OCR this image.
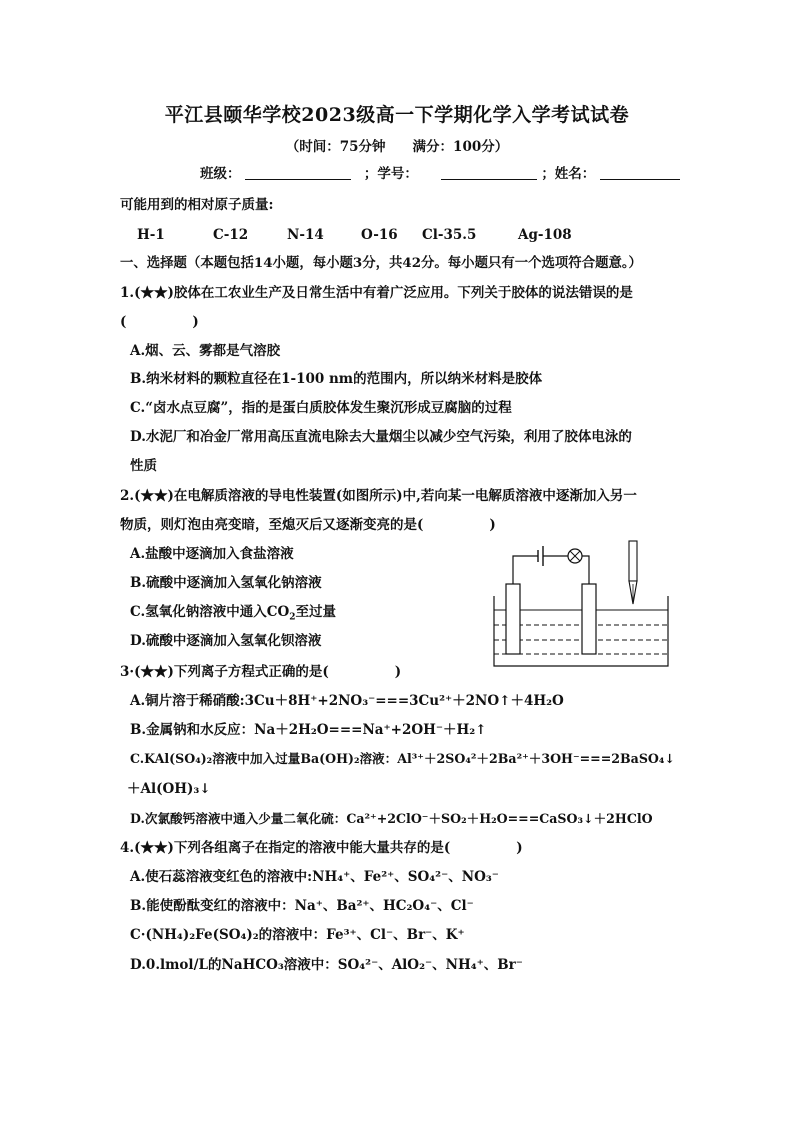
平江县颐华学校2023级高一下学期化学入学考试试卷
（时间：75分钟　　满分：100分）
班级：	；学号：	；姓名：
可能用到的相对原子质量:
H-1	C-12	N-14	O-16 Cl-35.5	Ag-108
一、选择题（本题包括14小题，每小题3分，共42分。每小题只有一个选项符合题意。）
1.(★★)胶体在工农业生产及日常生活中有着广泛应用。下列关于胶体的说法错误的是
(	)
A.烟、云、雾都是气溶胶
B.纳米材料的颗粒直径在1-100 nm的范围内，所以纳米材料是胶体
C.“卤水点豆腐”，指的是蛋白质胶体发生聚沉形成豆腐脑的过程
D.水泥厂和冶金厂常用高压直流电除去大量烟尘以减少空气污染，利用了胶体电泳的
性质
2.(★★)在电解质溶液的导电性装置(如图所示)中,若向某一电解质溶液中逐渐加入另一
物质，则灯泡由亮变暗，至熄灭后又逐渐变亮的是(	)
A.盐酸中逐滴加入食盐溶液
B.硫酸中逐滴加入氢氧化钠溶液
C.氢氧化钠溶液中通入$CO_2$至过量
D.硫酸中逐滴加入氢氧化钡溶液
3·(★★)下列离子方程式正确的是(	)
A.铜片溶于稀硝酸:3Cu＋8H⁺+2NO₃⁻===3Cu²⁺＋2NO↑＋4H₂O
B.金属钠和水反应：Na＋2H₂O===Na⁺+2OH⁻＋H₂↑
C.KAl(SO₄)₂溶液中加入过量Ba(OH)₂溶液：Al³⁺＋2SO₄²＋2Ba²⁺＋3OH⁻===2BaSO₄↓
＋Al(OH)₃↓
D.次氯酸钙溶液中通入少量二氧化硫：Ca²⁺+2ClO⁻＋SO₂＋H₂O===CaSO₃↓＋2HClO
4.(★★)下列各组离子在指定的溶液中能大量共存的是(	)
A.使石蕊溶液变红色的溶液中:NH₄⁺、Fe²⁺、SO₄²⁻、NO₃⁻
B.能使酚酞变红的溶液中：Na⁺、Ba²⁺、HC₂O₄⁻、Cl⁻
C·(NH₄)₂Fe(SO₄)₂的溶液中：Fe³⁺、Cl⁻、Br⁻、K⁺
D.0.lmol/L的NaHCO₃溶液中：SO₄²⁻、AlO₂⁻、NH₄⁺、Br⁻
